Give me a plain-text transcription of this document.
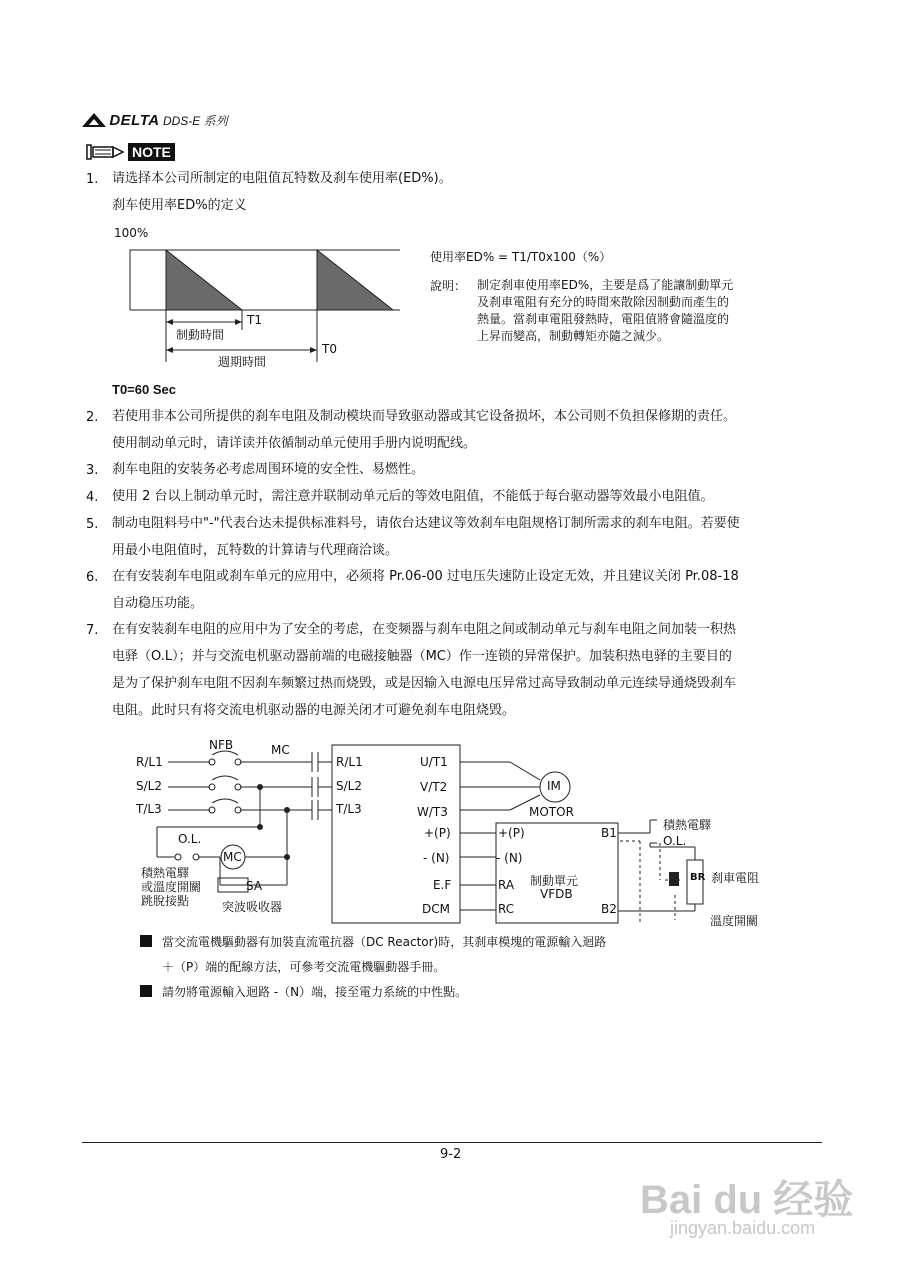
DELTA DDS-E 系列
NOTE
1. 请选择本公司所制定的电阻值瓦特数及刹车使用率(ED%)。
刹车使用率ED%的定义
100%
T1
制動時間
T0
週期時間
使用率ED% = T1/T0x100（%）
說明： 制定刹車使用率ED%，主要是爲了能讓制動單元
及刹車電阻有充分的時間來散除因制動而產生的
熱量。當刹車電阻發熱時，電阻值將會隨溫度的
上昇而變高，制動轉矩亦隨之減少。
T0=60 Sec
2. 若使用非本公司所提供的刹车电阻及制动模块而导致驱动器或其它设备损坏，本公司则不负担保修期的责任。
使用制动单元时，请详读并依循制动单元使用手册内说明配线。
3. 刹车电阻的安装务必考虑周围环境的安全性、易燃性。
4. 使用 2 台以上制动单元时，需注意并联制动单元后的等效电阻值，不能低于每台驱动器等效最小电阻值。
5. 制动电阻料号中"-"代表台达未提供标准料号，请依台达建议等效刹车电阻规格订制所需求的刹车电阻。若要使
用最小电阻值时，瓦特数的计算请与代理商洽谈。
6. 在有安装刹车电阻或刹车单元的应用中，必须将 Pr.06-00 过电压失速防止设定无效，并且建议关闭 Pr.08-18
自动稳压功能。
7. 在有安装刹车电阻的应用中为了安全的考虑，在变频器与刹车电阻之间或制动单元与刹车电阻之间加装一积热
电驿（O.L）；并与交流电机驱动器前端的电磁接触器（MC）作一连锁的异常保护。加装积热电驿的主要目的
是为了保护刹车电阻不因刹车频繁过热而烧毁，或是因输入电源电压异常过高导致制动单元连续导通烧毁刹车
电阻。此时只有将交流电机驱动器的电源关闭才可避免刹车电阻烧毁。
NFB	MC
R/L1
S/L2
T/L3
R/L1
S/L2
T/L3
U/T1
V/T2
W/T3
+(P)
- (N)
E.F
DCM
IM
MOTOR
O.L.
MC
SA
積熱電驛
或溫度開關
跳脫接點	突波吸收器
+(P)
- (N)
RA
RC
制動單元
VFDB
B1
B2
積熱電驛
O.L.
BR 刹車電阻
溫度開關
當交流電機驅動器有加裝直流電抗器（DC Reactor)時，其刹車模塊的電源輸入迴路
＋（P）端的配線方法，可參考交流電機驅動器手冊。
請勿將電源輸入迴路 -（N）端，接至電力系統的中性點。
9-2
Bai du 经验
jingyan.baidu.com
